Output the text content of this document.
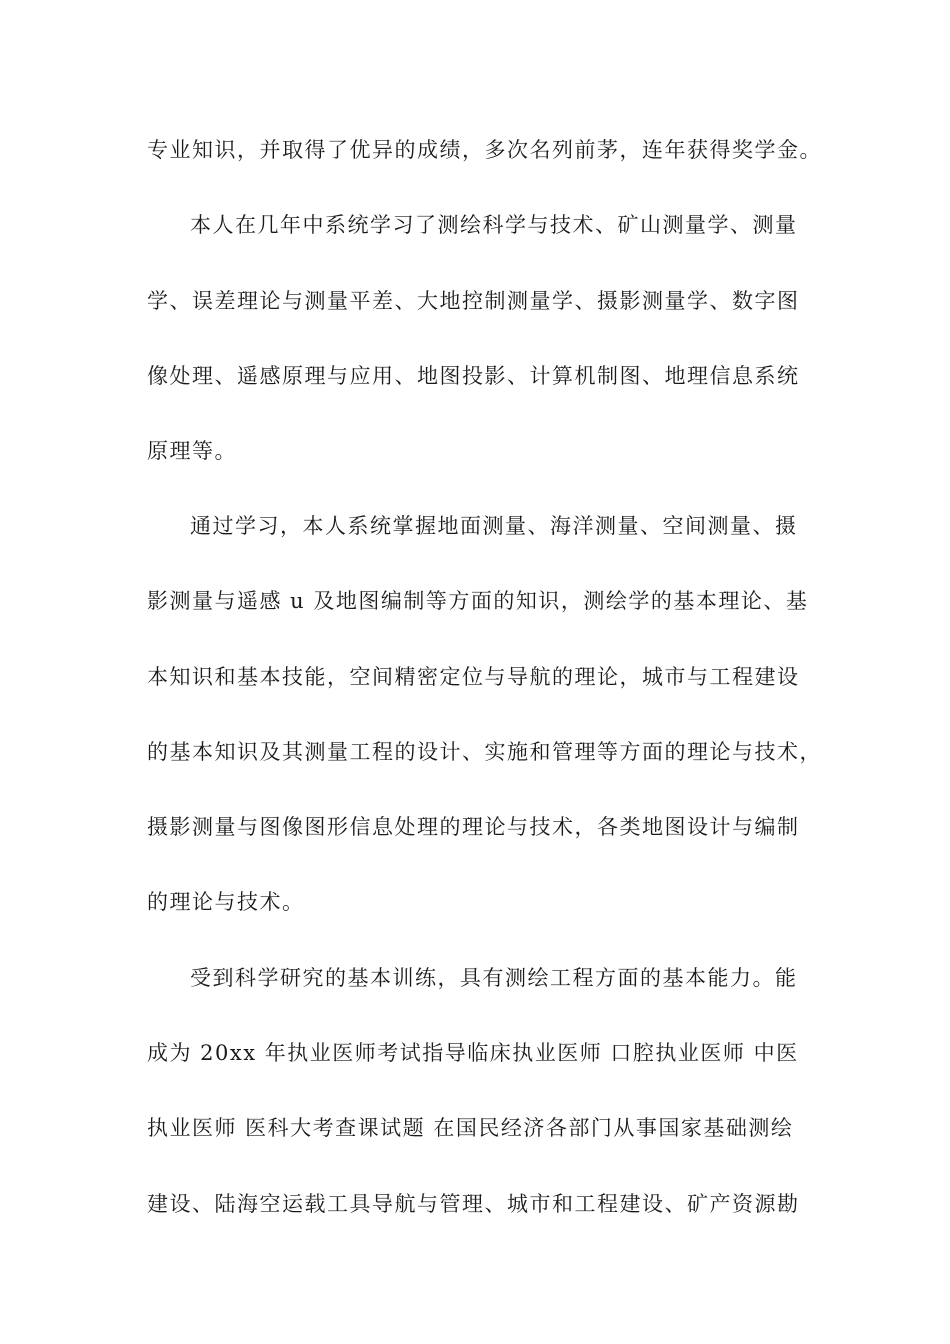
专业知识，并取得了优异的成绩，多次名列前茅，连年获得奖学金。

本人在几年中系统学习了测绘科学与技术、矿山测量学、测量

学、误差理论与测量平差、大地控制测量学、摄影测量学、数字图

像处理、遥感原理与应用、地图投影、计算机制图、地理信息系统

原理等。

通过学习，本人系统掌握地面测量、海洋测量、空间测量、摄

影测量与遥感 u 及地图编制等方面的知识，测绘学的基本理论、基

本知识和基本技能，空间精密定位与导航的理论，城市与工程建设

的基本知识及其测量工程的设计、实施和管理等方面的理论与技术，

摄影测量与图像图形信息处理的理论与技术，各类地图设计与编制

的理论与技术。

受到科学研究的基本训练，具有测绘工程方面的基本能力。能

成为 20xx 年执业医师考试指导临床执业医师 口腔执业医师 中医

执业医师 医科大考查课试题 在国民经济各部门从事国家基础测绘

建设、陆海空运载工具导航与管理、城市和工程建设、矿产资源勘
